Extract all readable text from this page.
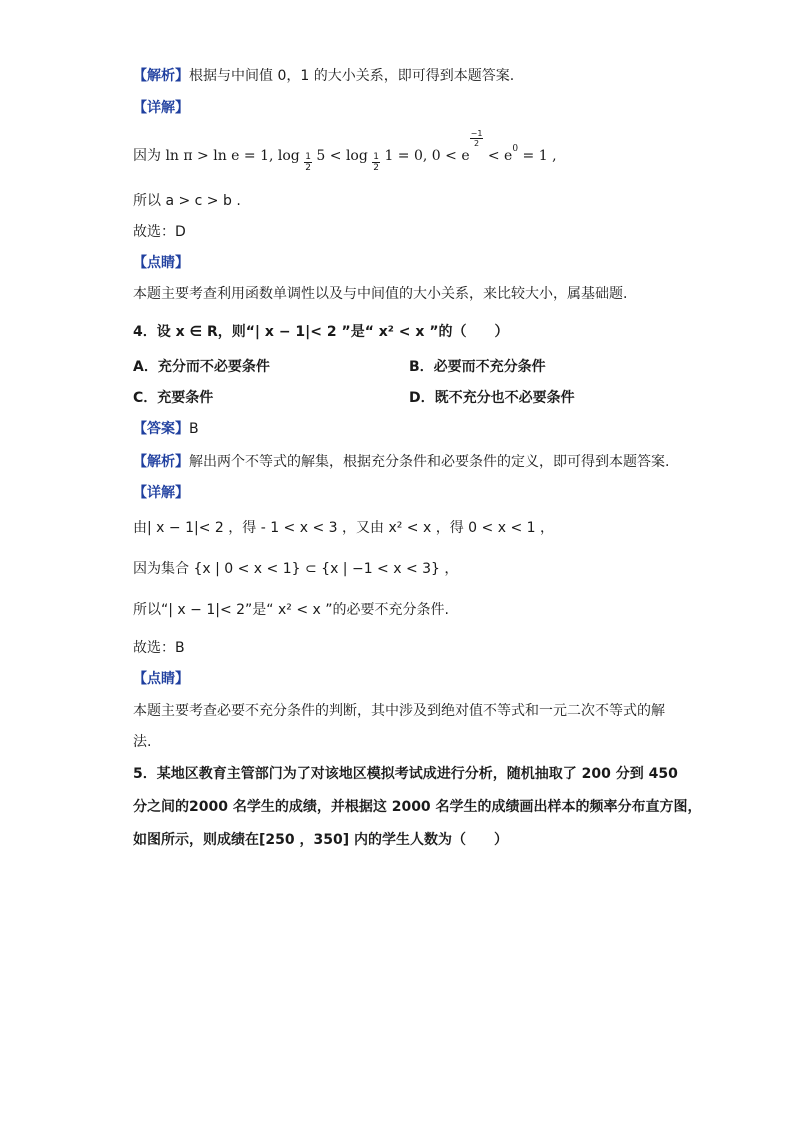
【解析】根据与中间值 0，1 的大小关系，即可得到本题答案.
【详解】
因为 ln π > ln e = 1, $\log \frac{1}{2} 5 < \log \frac{1}{2} 1 = 0$, 0 < e
$\frac{-1}{2}$
< $e^0 = 1$ ,
所以 a > c > b .
故选：D
【点睛】
本题主要考查利用函数单调性以及与中间值的大小关系，来比较大小，属基础题.
4．设 x ∈ R，则“| x − 1|< 2 ”是“ x² < x ”的（　　）
A．充分而不必要条件	B．必要而不充分条件
C．充要条件	D．既不充分也不必要条件
【答案】B
【解析】解出两个不等式的解集，根据充分条件和必要条件的定义，即可得到本题答案.
【详解】
由| x − 1|< 2 ，得 - 1 < x < 3 ，又由 x² < x ，得 0 < x < 1 ，
因为集合 {x | 0 < x < 1} ⊂ {x | −1 < x < 3} ，
所以“| x − 1|< 2”是“ x² < x ”的必要不充分条件.
故选：B
【点睛】
本题主要考查必要不充分条件的判断，其中涉及到绝对值不等式和一元二次不等式的解
法.
5．某地区教育主管部门为了对该地区模拟考试成进行分析，随机抽取了 200 分到 450
分之间的2000 名学生的成绩，并根据这 2000 名学生的成绩画出样本的频率分布直方图，
如图所示，则成绩在[250 ，350] 内的学生人数为（　　）
